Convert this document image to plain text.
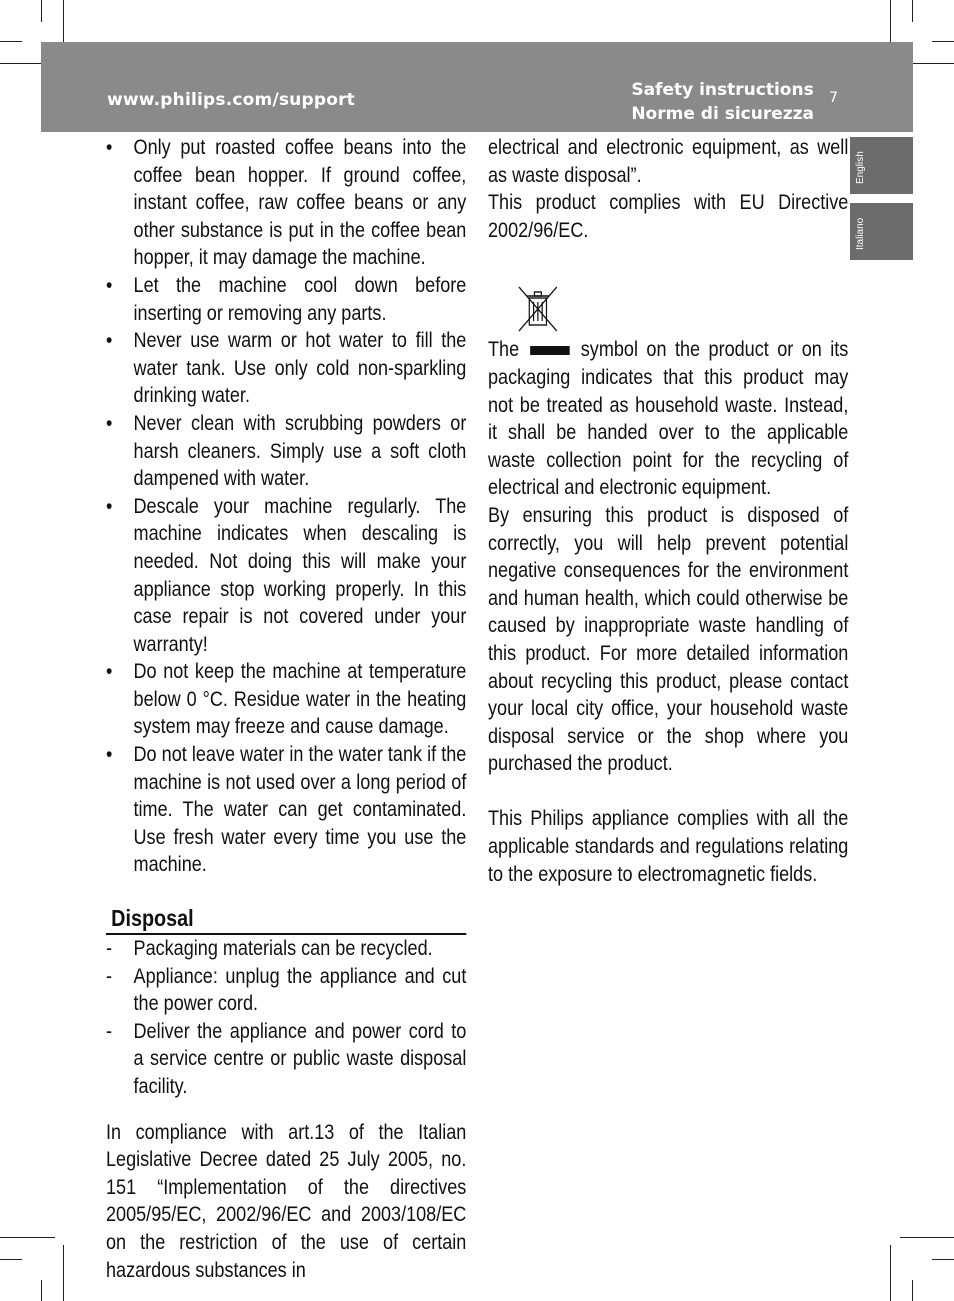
www.philips.com/support	Safety instructions
Norme di sicurezza
7
English
Italiano
• Only put roasted coffee beans into the coffee bean hopper. If ground coffee, instant coffee, raw coffee beans or any other substance is put in the coffee bean hopper, it may damage the machine.
• Let the machine cool down before inserting or removing any parts.
• Never use warm or hot water to fill the water tank. Use only cold non-sparkling drinking water.
• Never clean with scrubbing powders or harsh cleaners. Simply use a soft cloth dampened with water.
• Descale your machine regularly. The machine indicates when descaling is needed. Not doing this will make your appliance stop working properly. In this case repair is not covered under your warranty!
• Do not keep the machine at temperature below 0 °C. Residue water in the heating system may freeze and cause damage.
• Do not leave water in the water tank if the machine is not used over a long period of time. The water can get contaminated. Use fresh water every time you use the machine.
Disposal
- Packaging materials can be recycled.
- Appliance: unplug the appliance and cut the power cord.
- Deliver the appliance and power cord to a service centre or public waste disposal facility.

In compliance with art.13 of the Italian Legislative Decree dated 25 July 2005, no. 151 “Implementation of the directives 2005/95/EC, 2002/96/EC and 2003/108/EC on the restriction of the use of certain hazardous substances in

electrical and electronic equipment, as well as waste disposal”.

This product complies with EU Directive 2002/96/EC.

The	symbol on the product or on its packaging indicates that this product may not be treated as household waste. Instead, it shall be handed over to the applicable waste collection point for the recycling of electrical and electronic equipment.

By ensuring this product is disposed of correctly, you will help prevent potential negative consequences for the environment and human health, which could otherwise be caused by inappropriate waste handling of this product. For more detailed information about recycling this product, please contact your local city office, your household waste disposal service or the shop where you purchased the product.

This Philips appliance complies with all the applicable standards and regulations relating to the exposure to electromagnetic fields.
